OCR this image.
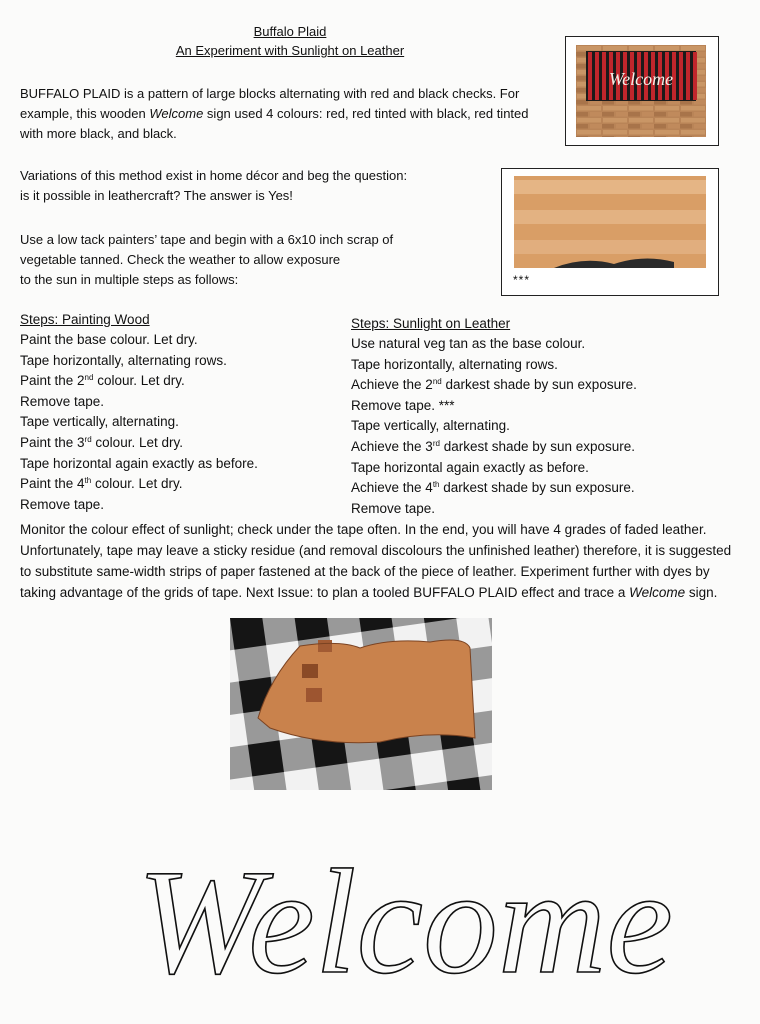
Buffalo Plaid
An Experiment with Sunlight on Leather
BUFFALO PLAID is a pattern of large blocks alternating with red and black checks. For example, this wooden Welcome sign used 4 colours: red, red tinted with black, red tinted with more black, and black.
Variations of this method exist in home décor and beg the question:
is it possible in leathercraft? The answer is Yes!
Use a low tack painters’ tape and begin with a 6x10 inch scrap of
vegetable tanned. Check the weather to allow exposure
to the sun in multiple steps as follows:
Welcome
***
Steps: Painting Wood
Paint the base colour. Let dry.
Tape horizontally, alternating rows.
Paint the 2nd colour. Let dry.
Remove tape.
Tape vertically, alternating.
Paint the 3rd colour. Let dry.
Tape horizontal again exactly as before.
Paint the 4th colour. Let dry.
Remove tape.
Steps: Sunlight on Leather
Use natural veg tan as the base colour.
Tape horizontally, alternating rows.
Achieve the 2nd darkest shade by sun exposure.
Remove tape. ***
Tape vertically, alternating.
Achieve the 3rd darkest shade by sun exposure.
Tape horizontal again exactly as before.
Achieve the 4th darkest shade by sun exposure.
Remove tape.
Monitor the colour effect of sunlight; check under the tape often. In the end, you will have 4 grades of faded leather. Unfortunately, tape may leave a sticky residue (and removal discolours the unfinished leather) therefore, it is suggested to substitute same-width strips of paper fastened at the back of the piece of leather. Experiment further with dyes by taking advantage of the grids of tape. Next Issue: to plan a tooled BUFFALO PLAID effect and trace a Welcome sign.
Welcome
